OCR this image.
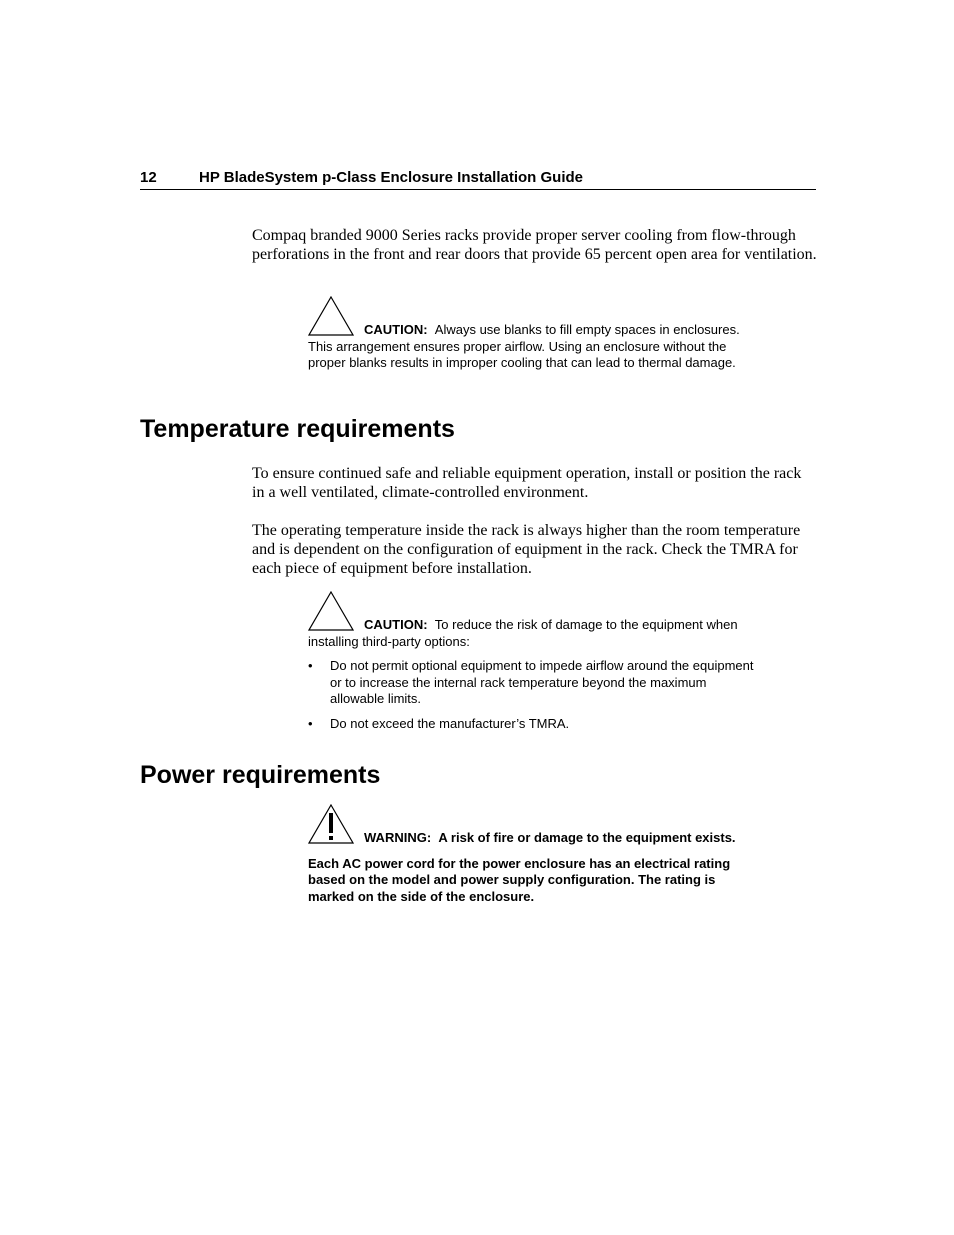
12	HP BladeSystem p-Class Enclosure Installation Guide

Compaq branded 9000 Series racks provide proper server cooling from flow-through perforations in the front and rear doors that provide 65 percent open area for ventilation.

CAUTION: Always use blanks to fill empty spaces in enclosures. This arrangement ensures proper airflow. Using an enclosure without the proper blanks results in improper cooling that can lead to thermal damage.

Temperature requirements

To ensure continued safe and reliable equipment operation, install or position the rack in a well ventilated, climate-controlled environment.

The operating temperature inside the rack is always higher than the room temperature and is dependent on the configuration of equipment in the rack. Check the TMRA for each piece of equipment before installation.

CAUTION: To reduce the risk of damage to the equipment when installing third-party options:

• Do not permit optional equipment to impede airflow around the equipment or to increase the internal rack temperature beyond the maximum allowable limits.
• Do not exceed the manufacturer’s TMRA.
Power requirements

WARNING: A risk of fire or damage to the equipment exists.

Each AC power cord for the power enclosure has an electrical rating based on the model and power supply configuration. The rating is marked on the side of the enclosure.
